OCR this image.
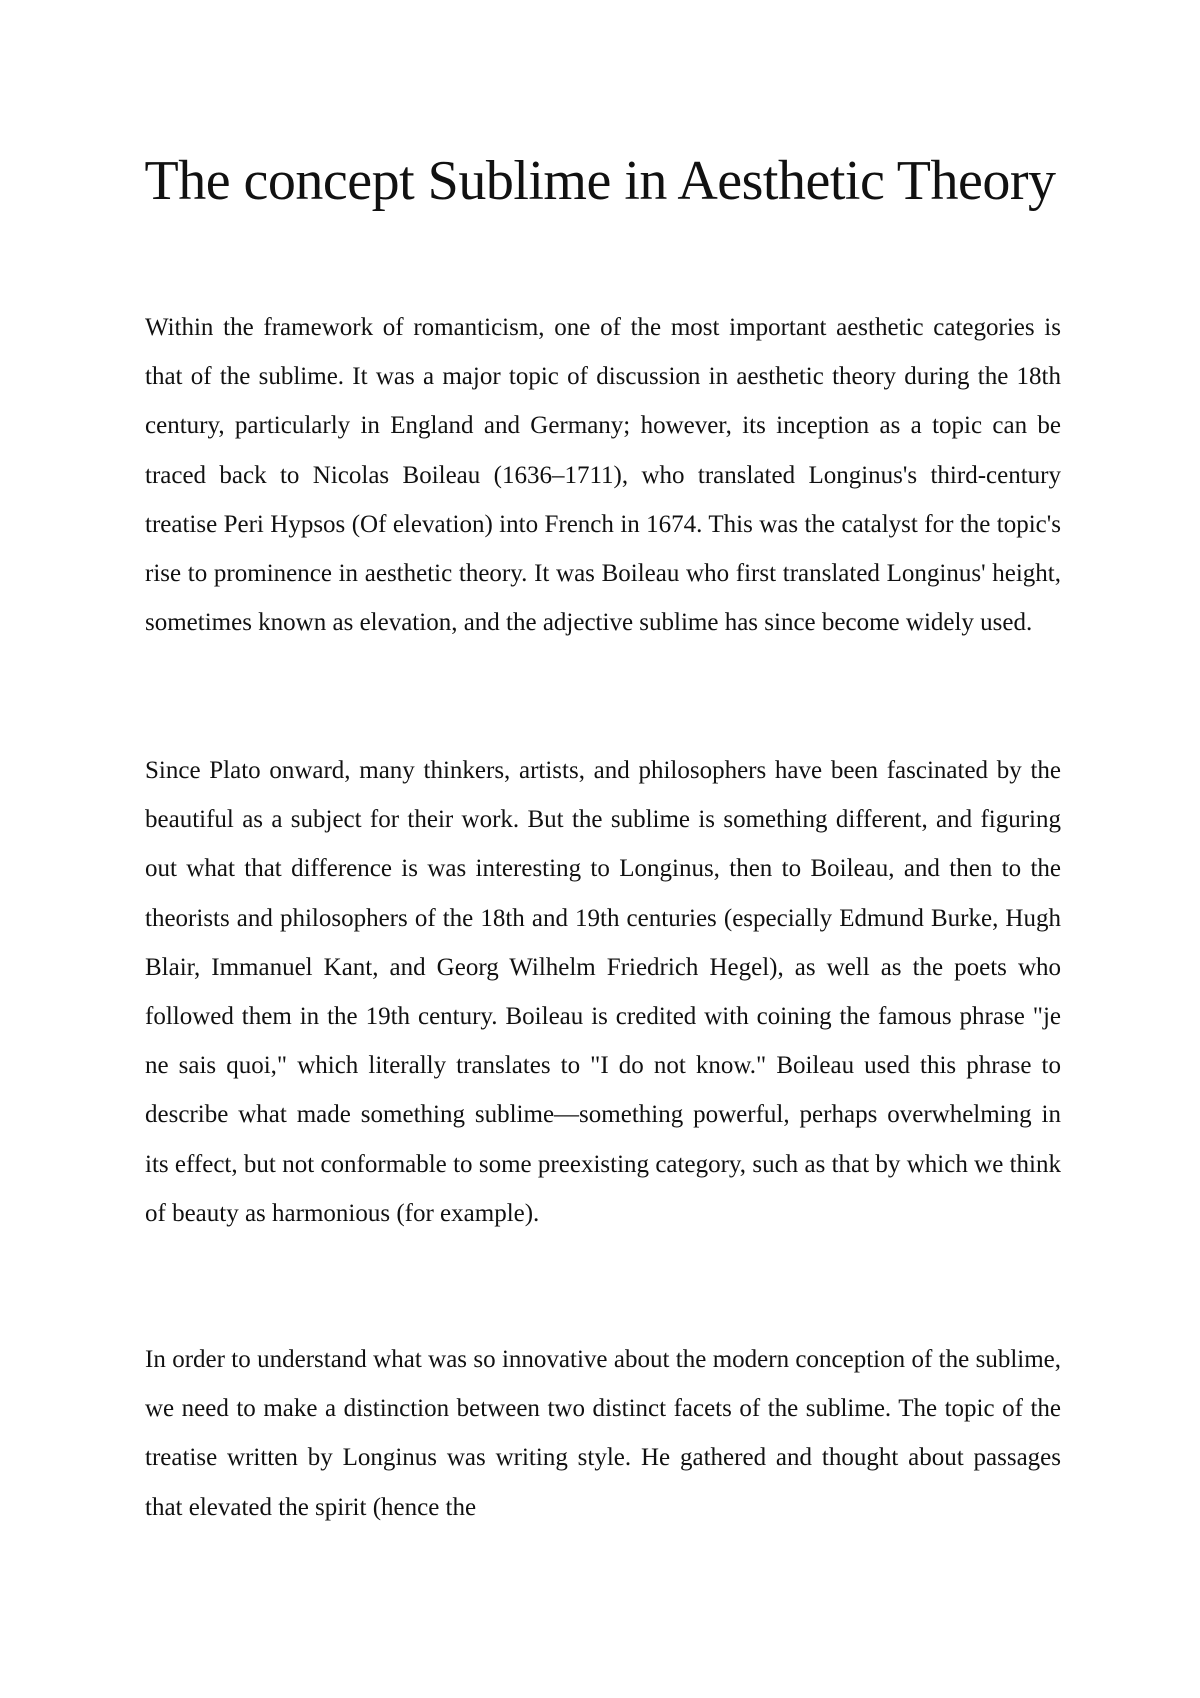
The concept Sublime in Aesthetic Theory

Within the framework of romanticism, one of the most important aesthetic categories is that of the sublime. It was a major topic of discussion in aesthetic theory during the 18th century, particularly in England and Germany; however, its inception as a topic can be traced back to Nicolas Boileau (1636–1711), who translated Longinus's third-century treatise Peri Hypsos (Of elevation) into French in 1674. This was the catalyst for the topic's rise to prominence in aesthetic theory. It was Boileau who first translated Longinus' height, sometimes known as elevation, and the adjective sublime has since become widely used.

Since Plato onward, many thinkers, artists, and philosophers have been fascinated by the beautiful as a subject for their work. But the sublime is something different, and figuring out what that difference is was interesting to Longinus, then to Boileau, and then to the theorists and philosophers of the 18th and 19th centuries (especially Edmund Burke, Hugh Blair, Immanuel Kant, and Georg Wilhelm Friedrich Hegel), as well as the poets who followed them in the 19th century. Boileau is credited with coining the famous phrase "je ne sais quoi," which literally translates to "I do not know." Boileau used this phrase to describe what made something sublime—something powerful, perhaps overwhelming in its effect, but not conformable to some preexisting category, such as that by which we think of beauty as harmonious (for example).

In order to understand what was so innovative about the modern conception of the sublime, we need to make a distinction between two distinct facets of the sublime. The topic of the treatise written by Longinus was writing style. He gathered and thought about passages that elevated the spirit (hence the
